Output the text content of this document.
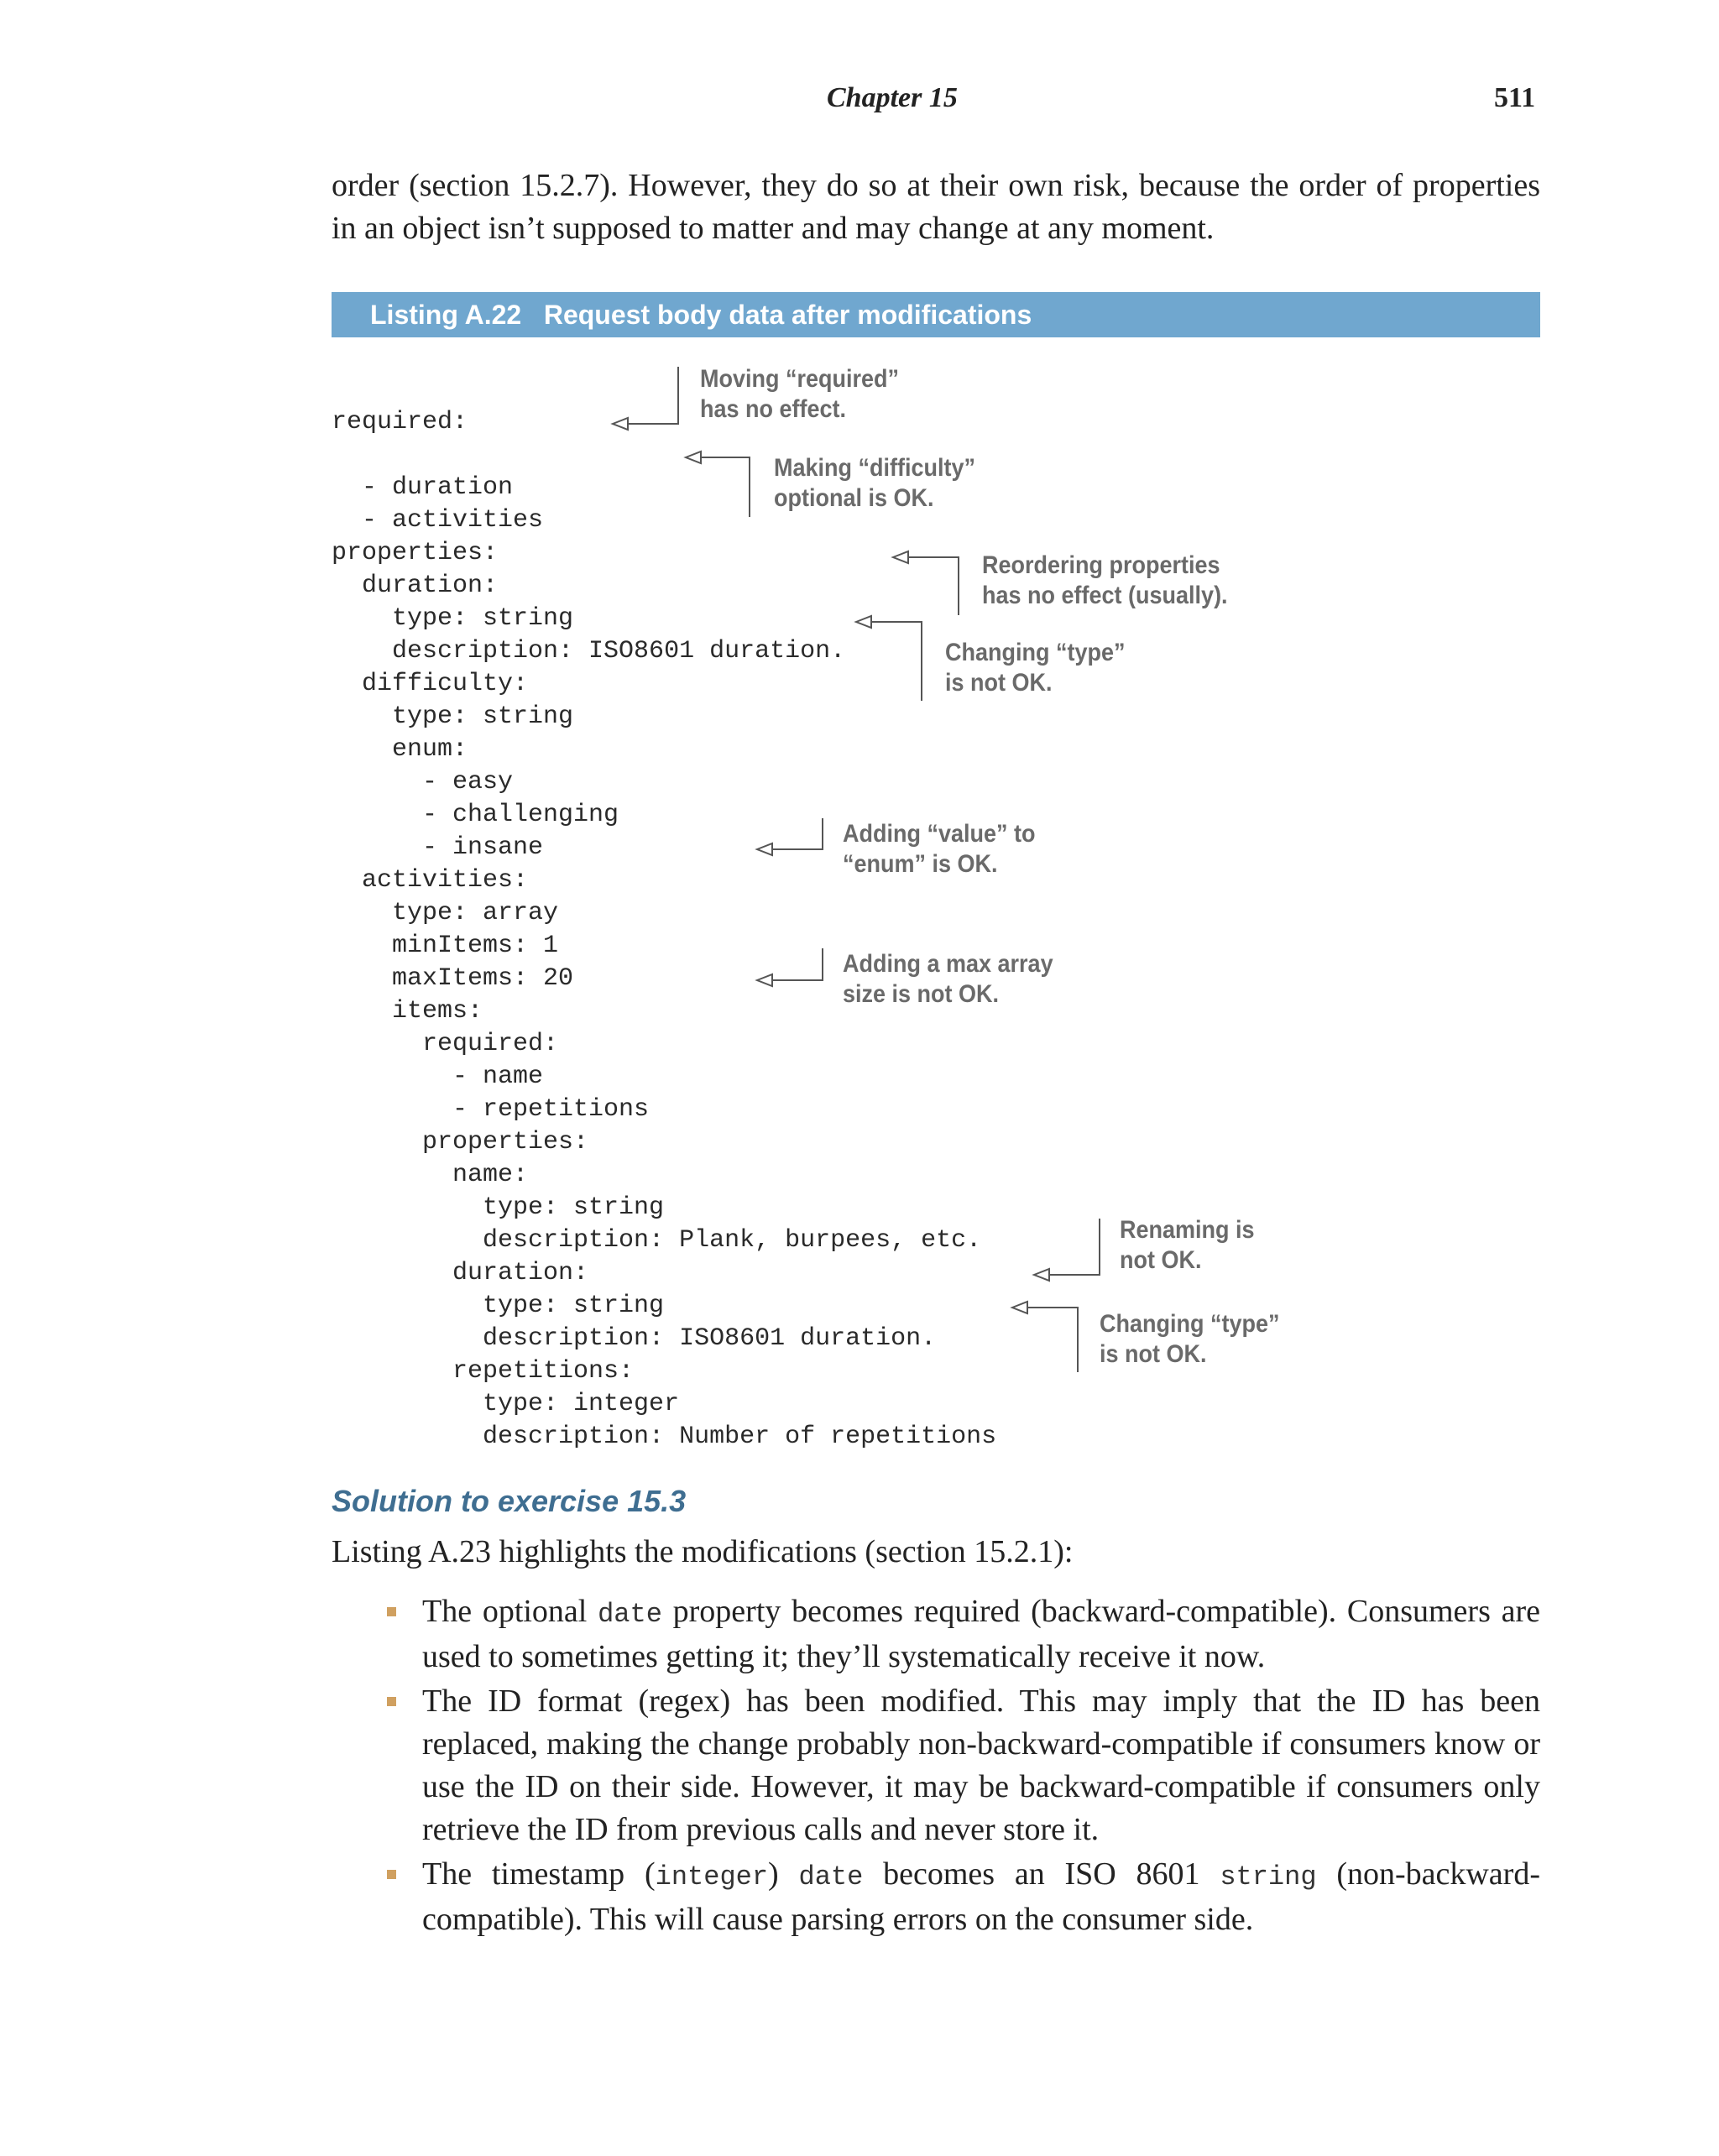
Chapter 15	511

order (section 15.2.7). However, they do so at their own risk, because the order of properties in an object isn’t supposed to matter and may change at any moment.

Listing A.22 Request body data after modifications
required:
- duration
- activities
properties:
duration:
type: string
description: ISO8601 duration.
difficulty:
type: string
enum:
- easy
- challenging
- insane
activities:
type: array
minItems: 1
maxItems: 20
items:
required:
- name
- repetitions
properties:
name:
type: string
description: Plank, burpees, etc.
duration:
type: string
description: ISO8601 duration.
repetitions:
type: integer
description: Number of repetitions
Moving “required”
has no effect.
Making “difficulty”
optional is OK.
Reordering properties
has no effect (usually).
Changing “type”
is not OK.
Adding “value” to
“enum” is OK.
Adding a max array
size is not OK.
Renaming is
not OK.
Changing “type”
is not OK.
Solution to exercise 15.3

Listing A.23 highlights the modifications (section 15.2.1):

The optional date property becomes required (backward-compatible). Consumers are used to sometimes getting it; they’ll systematically receive it now.
The ID format (regex) has been modified. This may imply that the ID has been replaced, making the change probably non-backward-compatible if consumers know or use the ID on their side. However, it may be backward-compatible if consumers only retrieve the ID from previous calls and never store it.
The timestamp (integer) date becomes an ISO 8601 string (non-backward-compatible). This will cause parsing errors on the consumer side.
